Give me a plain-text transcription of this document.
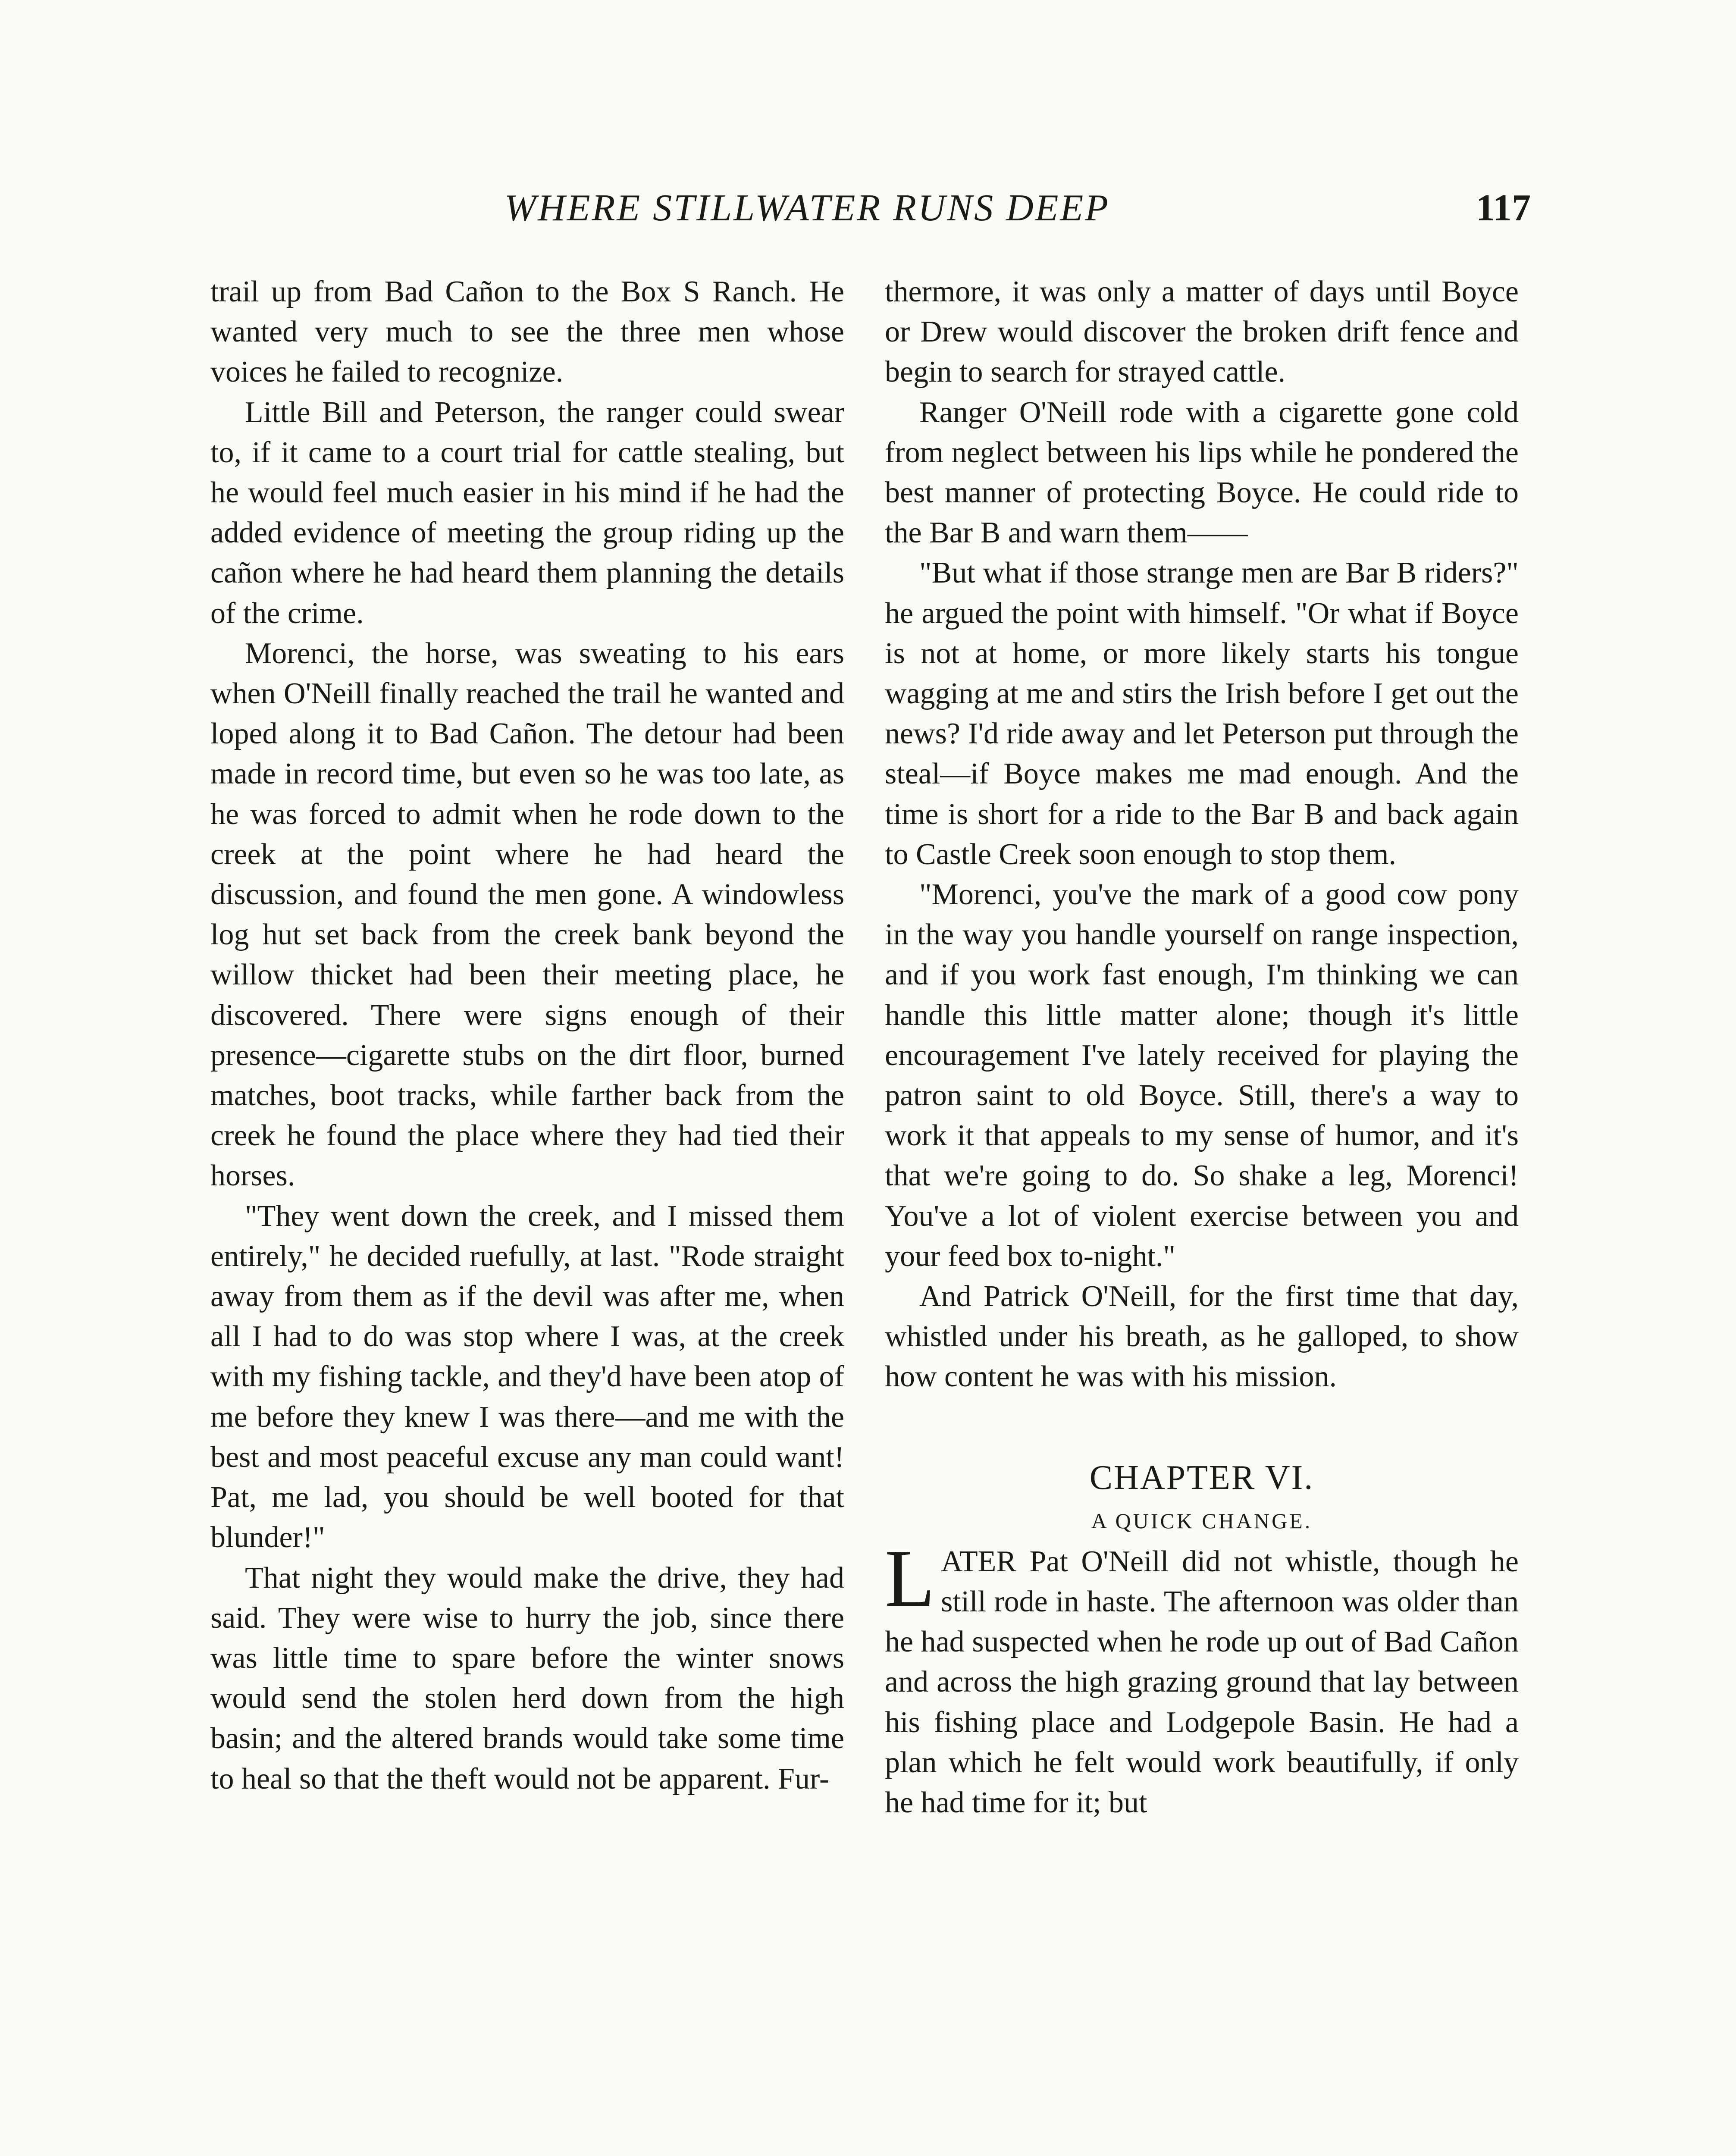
WHERE STILLWATER RUNS DEEP	117

trail up from Bad Cañon to the Box S Ranch. He wanted very much to see the three men whose voices he failed to recognize.

Little Bill and Peterson, the ranger could swear to, if it came to a court trial for cattle stealing, but he would feel much easier in his mind if he had the added evidence of meeting the group riding up the cañon where he had heard them planning the details of the crime.

Morenci, the horse, was sweating to his ears when O'Neill finally reached the trail he wanted and loped along it to Bad Cañon. The detour had been made in record time, but even so he was too late, as he was forced to admit when he rode down to the creek at the point where he had heard the discussion, and found the men gone. A windowless log hut set back from the creek bank beyond the willow thicket had been their meeting place, he discovered. There were signs enough of their presence—cigarette stubs on the dirt floor, burned matches, boot tracks, while farther back from the creek he found the place where they had tied their horses.

"They went down the creek, and I missed them entirely," he decided ruefully, at last. "Rode straight away from them as if the devil was after me, when all I had to do was stop where I was, at the creek with my fishing tackle, and they'd have been atop of me before they knew I was there—and me with the best and most peaceful excuse any man could want! Pat, me lad, you should be well booted for that blunder!"

That night they would make the drive, they had said. They were wise to hurry the job, since there was little time to spare before the winter snows would send the stolen herd down from the high basin; and the altered brands would take some time to heal so that the theft would not be apparent. Fur-

thermore, it was only a matter of days until Boyce or Drew would discover the broken drift fence and begin to search for strayed cattle.

Ranger O'Neill rode with a cigarette gone cold from neglect between his lips while he pondered the best manner of protecting Boyce. He could ride to the Bar B and warn them——

"But what if those strange men are Bar B riders?" he argued the point with himself. "Or what if Boyce is not at home, or more likely starts his tongue wagging at me and stirs the Irish before I get out the news? I'd ride away and let Peterson put through the steal—if Boyce makes me mad enough. And the time is short for a ride to the Bar B and back again to Castle Creek soon enough to stop them.

"Morenci, you've the mark of a good cow pony in the way you handle yourself on range inspection, and if you work fast enough, I'm thinking we can handle this little matter alone; though it's little encouragement I've lately received for playing the patron saint to old Boyce. Still, there's a way to work it that appeals to my sense of humor, and it's that we're going to do. So shake a leg, Morenci! You've a lot of violent exercise between you and your feed box to-night."

And Patrick O'Neill, for the first time that day, whistled under his breath, as he galloped, to show how content he was with his mission.

CHAPTER VI.

A QUICK CHANGE.

LATER Pat O'Neill did not whistle, though he still rode in haste. The afternoon was older than he had suspected when he rode up out of Bad Cañon and across the high grazing ground that lay between his fishing place and Lodgepole Basin. He had a plan which he felt would work beautifully, if only he had time for it; but
